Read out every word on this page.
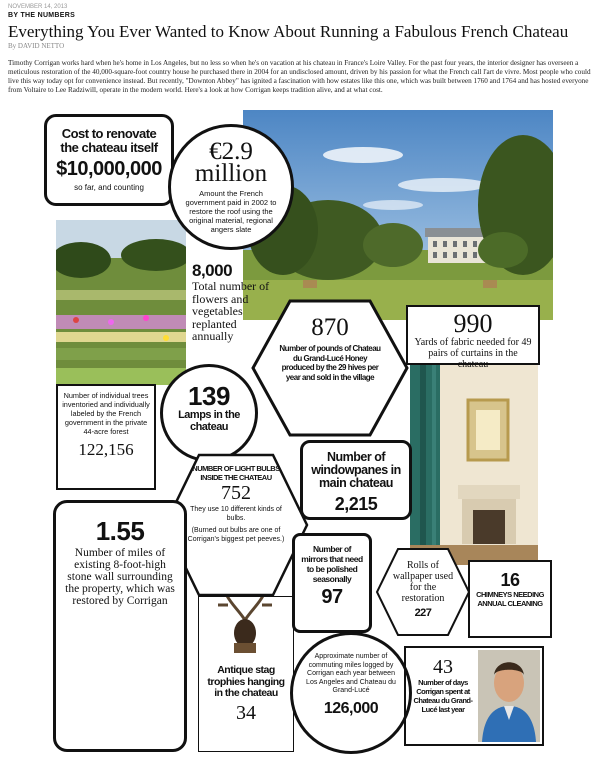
NOVEMBER 14, 2013
BY THE NUMBERS
Everything You Ever Wanted to Know About Running a Fabulous French Chateau
By DAVID NETTO
Timothy Corrigan works hard when he's home in Los Angeles, but no less so when he's on vacation at his chateau in France's Loire Valley. For the past four years, the interior designer has overseen a meticulous restoration of the 40,000-square-foot country house he purchased there in 2004 for an undisclosed amount, driven by his passion for what the French call l'art de vivre. Most people who could live this way today opt for convenience instead. But recently, "Downton Abbey" has ignited a fascination with how estates like this one, which was built between 1760 and 1764 and has hosted everyone from Voltaire to Lee Radziwill, operate in the modern world. Here's a look at how Corrigan keeps tradition alive, and at what cost.
Cost to renovate the chateau itself
$10,000,000
so far, and counting
€2.9 million
Amount the French government paid in 2002 to restore the roof using the original material, regional angers slate
8,000
Total number of flowers and vegetables replanted annually	870
Number of pounds of Chateau du Grand-Lucé Honey produced by the 29 hives per year and sold in the village
990
Yards of fabric needed for 49 pairs of curtains in the chateau
139
Lamps in the chateau
Number of individual trees inventoried and individually labeled by the French government in the private 44-acre forest
122,156
NUMBER OF LIGHT BULBS INSIDE THE CHATEAU
752
They use 10 different kinds of bulbs.
(Burned out bulbs are one of Corrigan's biggest pet peeves.)
Number of windowpanes in main chateau
2,215
1.55
Number of miles of existing 8-foot-high stone wall surrounding the property, which was restored by Corrigan
Number of mirrors that need to be polished seasonally
97
Rolls of wallpaper used for the restoration
227
16
CHIMNEYS NEEDING ANNUAL CLEANING
Antique stag trophies hanging in the chateau
34
Approximate number of commuting miles logged by Corrigan each year between Los Angeles and Chateau du Grand-Lucé
126,000
43
Number of days Corrigan spent at Chateau du Grand-Lucé last year
